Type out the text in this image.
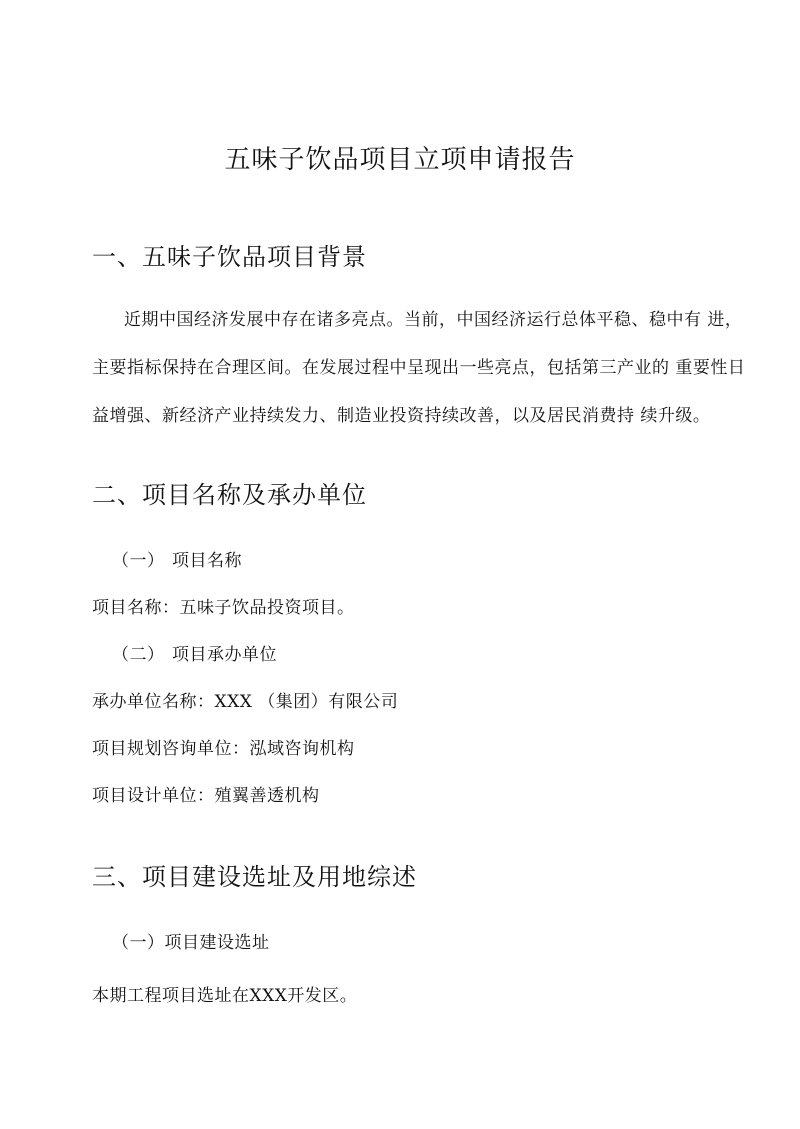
五味子饮品项目立项申请报告
一、五味子饮品项目背景
近期中国经济发展中存在诸多亮点。当前，中国经济运行总体平稳、稳中有 进，
主要指标保持在合理区间。在发展过程中呈现出一些亮点，包括第三产业的 重要性日
益增强、新经济产业持续发力、制造业投资持续改善，以及居民消费持 续升级。
二、项目名称及承办单位
（一） 项目名称
项目名称：五味子饮品投资项目。
（二） 项目承办单位
承办单位名称：XXX （集团）有限公司
项目规划咨询单位：泓域咨询机构
项目设计单位：殖翼善透机构
三、项目建设选址及用地综述
（一）项目建设选址
本期工程项目选址在XXX开发区。
